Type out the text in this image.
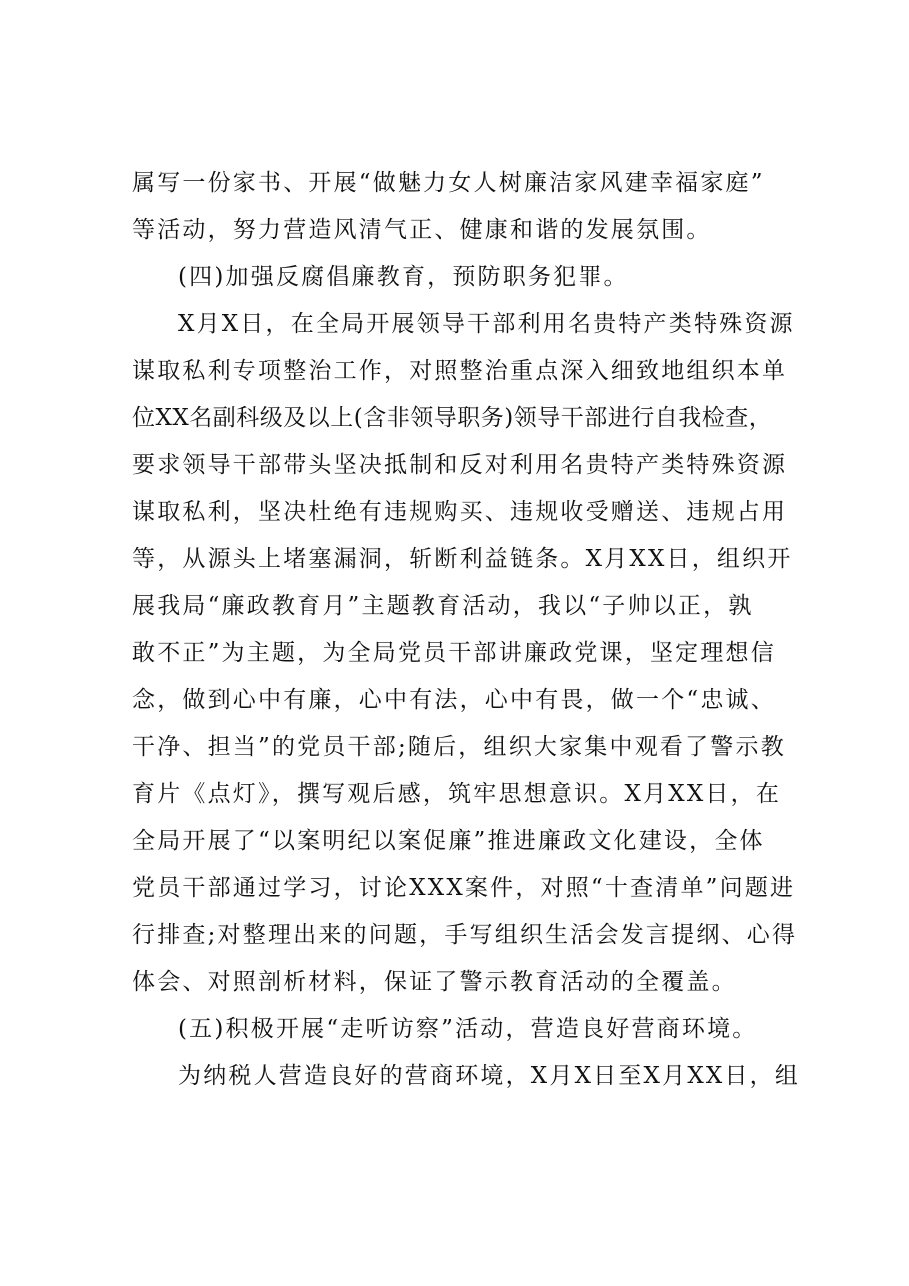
属写一份家书、开展“做魅力女人树廉洁家风建幸福家庭”
等活动，努力营造风清气正、健康和谐的发展氛围。
(四)加强反腐倡廉教育，预防职务犯罪。
X月X日，在全局开展领导干部利用名贵特产类特殊资源
谋取私利专项整治工作，对照整治重点深入细致地组织本单
位XX名副科级及以上(含非领导职务)领导干部进行自我检查，
要求领导干部带头坚决抵制和反对利用名贵特产类特殊资源
谋取私利，坚决杜绝有违规购买、违规收受赠送、违规占用
等，从源头上堵塞漏洞，斩断利益链条。X月XX日，组织开
展我局“廉政教育月”主题教育活动，我以“子帅以正，孰
敢不正”为主题，为全局党员干部讲廉政党课，坚定理想信
念，做到心中有廉，心中有法，心中有畏，做一个“忠诚、
干净、担当”的党员干部;随后，组织大家集中观看了警示教
育片《点灯》，撰写观后感，筑牢思想意识。X月XX日，在
全局开展了“以案明纪以案促廉”推进廉政文化建设，全体
党员干部通过学习，讨论XXX案件，对照“十查清单”问题进
行排查;对整理出来的问题，手写组织生活会发言提纲、心得
体会、对照剖析材料，保证了警示教育活动的全覆盖。
(五)积极开展“走听访察”活动，营造良好营商环境。
为纳税人营造良好的营商环境，X月X日至X月XX日，组
